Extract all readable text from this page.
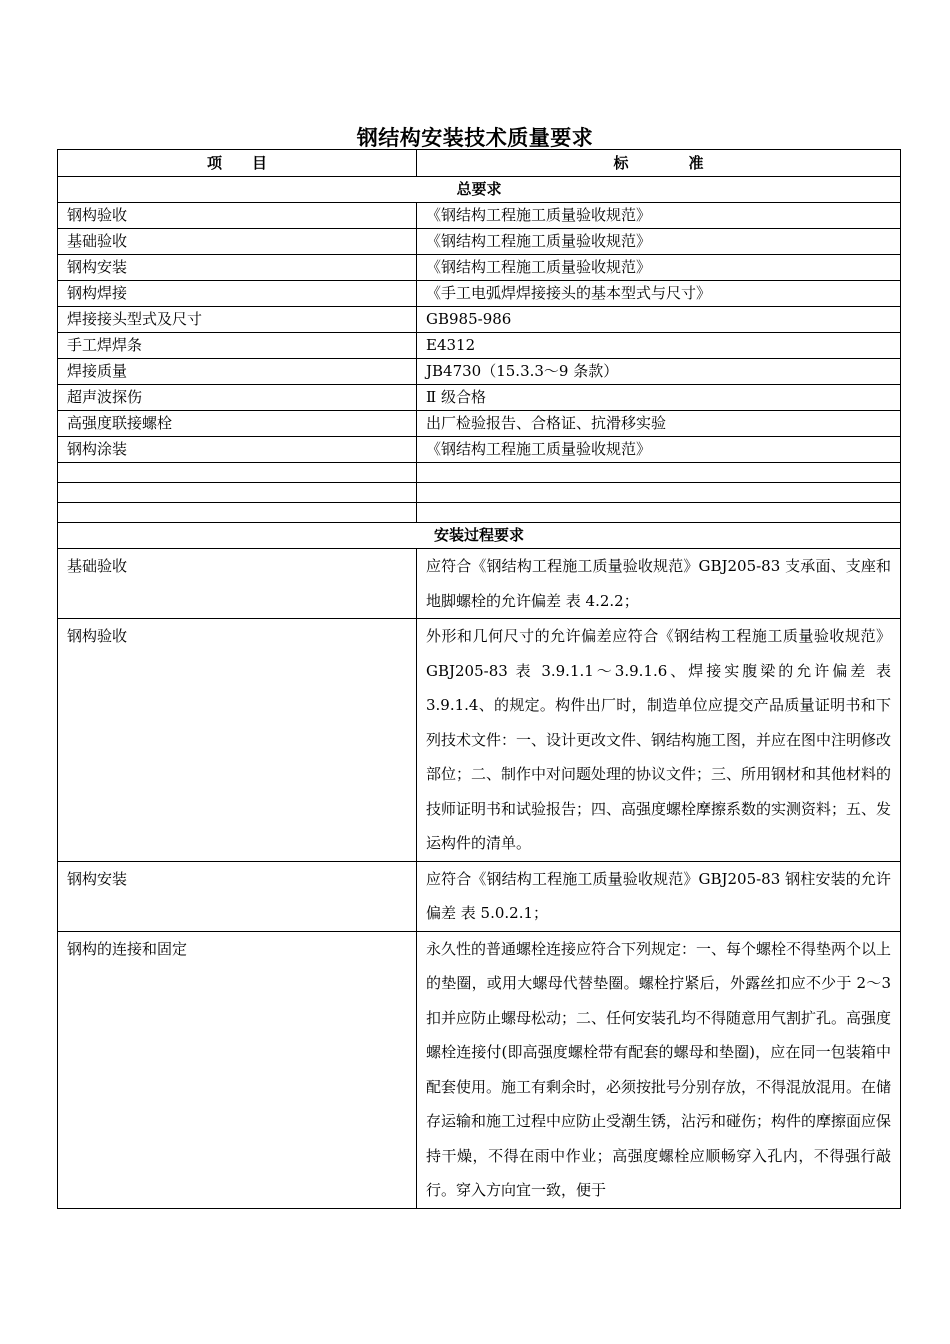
钢结构安装技术质量要求
项　　目	标　　　　准
总要求	
钢构验收	《钢结构工程施工质量验收规范》
基础验收	《钢结构工程施工质量验收规范》
钢构安装	《钢结构工程施工质量验收规范》
钢构焊接	《手工电弧焊焊接接头的基本型式与尺寸》
焊接接头型式及尺寸	GB985-986
手工焊焊条	E4312
焊接质量	JB4730（15.3.3～9 条款）
超声波探伤	Ⅱ 级合格
高强度联接螺栓	出厂检验报告、合格证、抗滑移实验
钢构涂装	《钢结构工程施工质量验收规范》

安装过程要求	
基础验收	应符合《钢结构工程施工质量验收规范》GBJ205-83 支承面、支座和地脚螺栓的允许偏差 表 4.2.2；
钢构验收	外形和几何尺寸的允许偏差应符合《钢结构工程施工质量验收规范》GBJ205-83 表 3.9.1.1～3.9.1.6、焊接实腹梁的允许偏差 表 3.9.1.4、的规定。构件出厂时，制造单位应提交产品质量证明书和下列技术文件：一、设计更改文件、钢结构施工图，并应在图中注明修改部位；二、制作中对问题处理的协议文件；三、所用钢材和其他材料的技师证明书和试验报告；四、高强度螺栓摩擦系数的实测资料；五、发运构件的清单。
钢构安装	应符合《钢结构工程施工质量验收规范》GBJ205-83 钢柱安装的允许偏差 表 5.0.2.1；
钢构的连接和固定	永久性的普通螺栓连接应符合下列规定：一、每个螺栓不得垫两个以上的垫圈，或用大螺母代替垫圈。螺栓拧紧后，外露丝扣应不少于 2～3 扣并应防止螺母松动；二、任何安装孔均不得随意用气割扩孔。高强度螺栓连接付(即高强度螺栓带有配套的螺母和垫圈)，应在同一包装箱中配套使用。施工有剩余时，必须按批号分别存放，不得混放混用。在储存运输和施工过程中应防止受潮生锈，沾污和碰伤；构件的摩擦面应保持干燥，不得在雨中作业；高强度螺栓应顺畅穿入孔内，不得强行敲行。穿入方向宜一致，便于
